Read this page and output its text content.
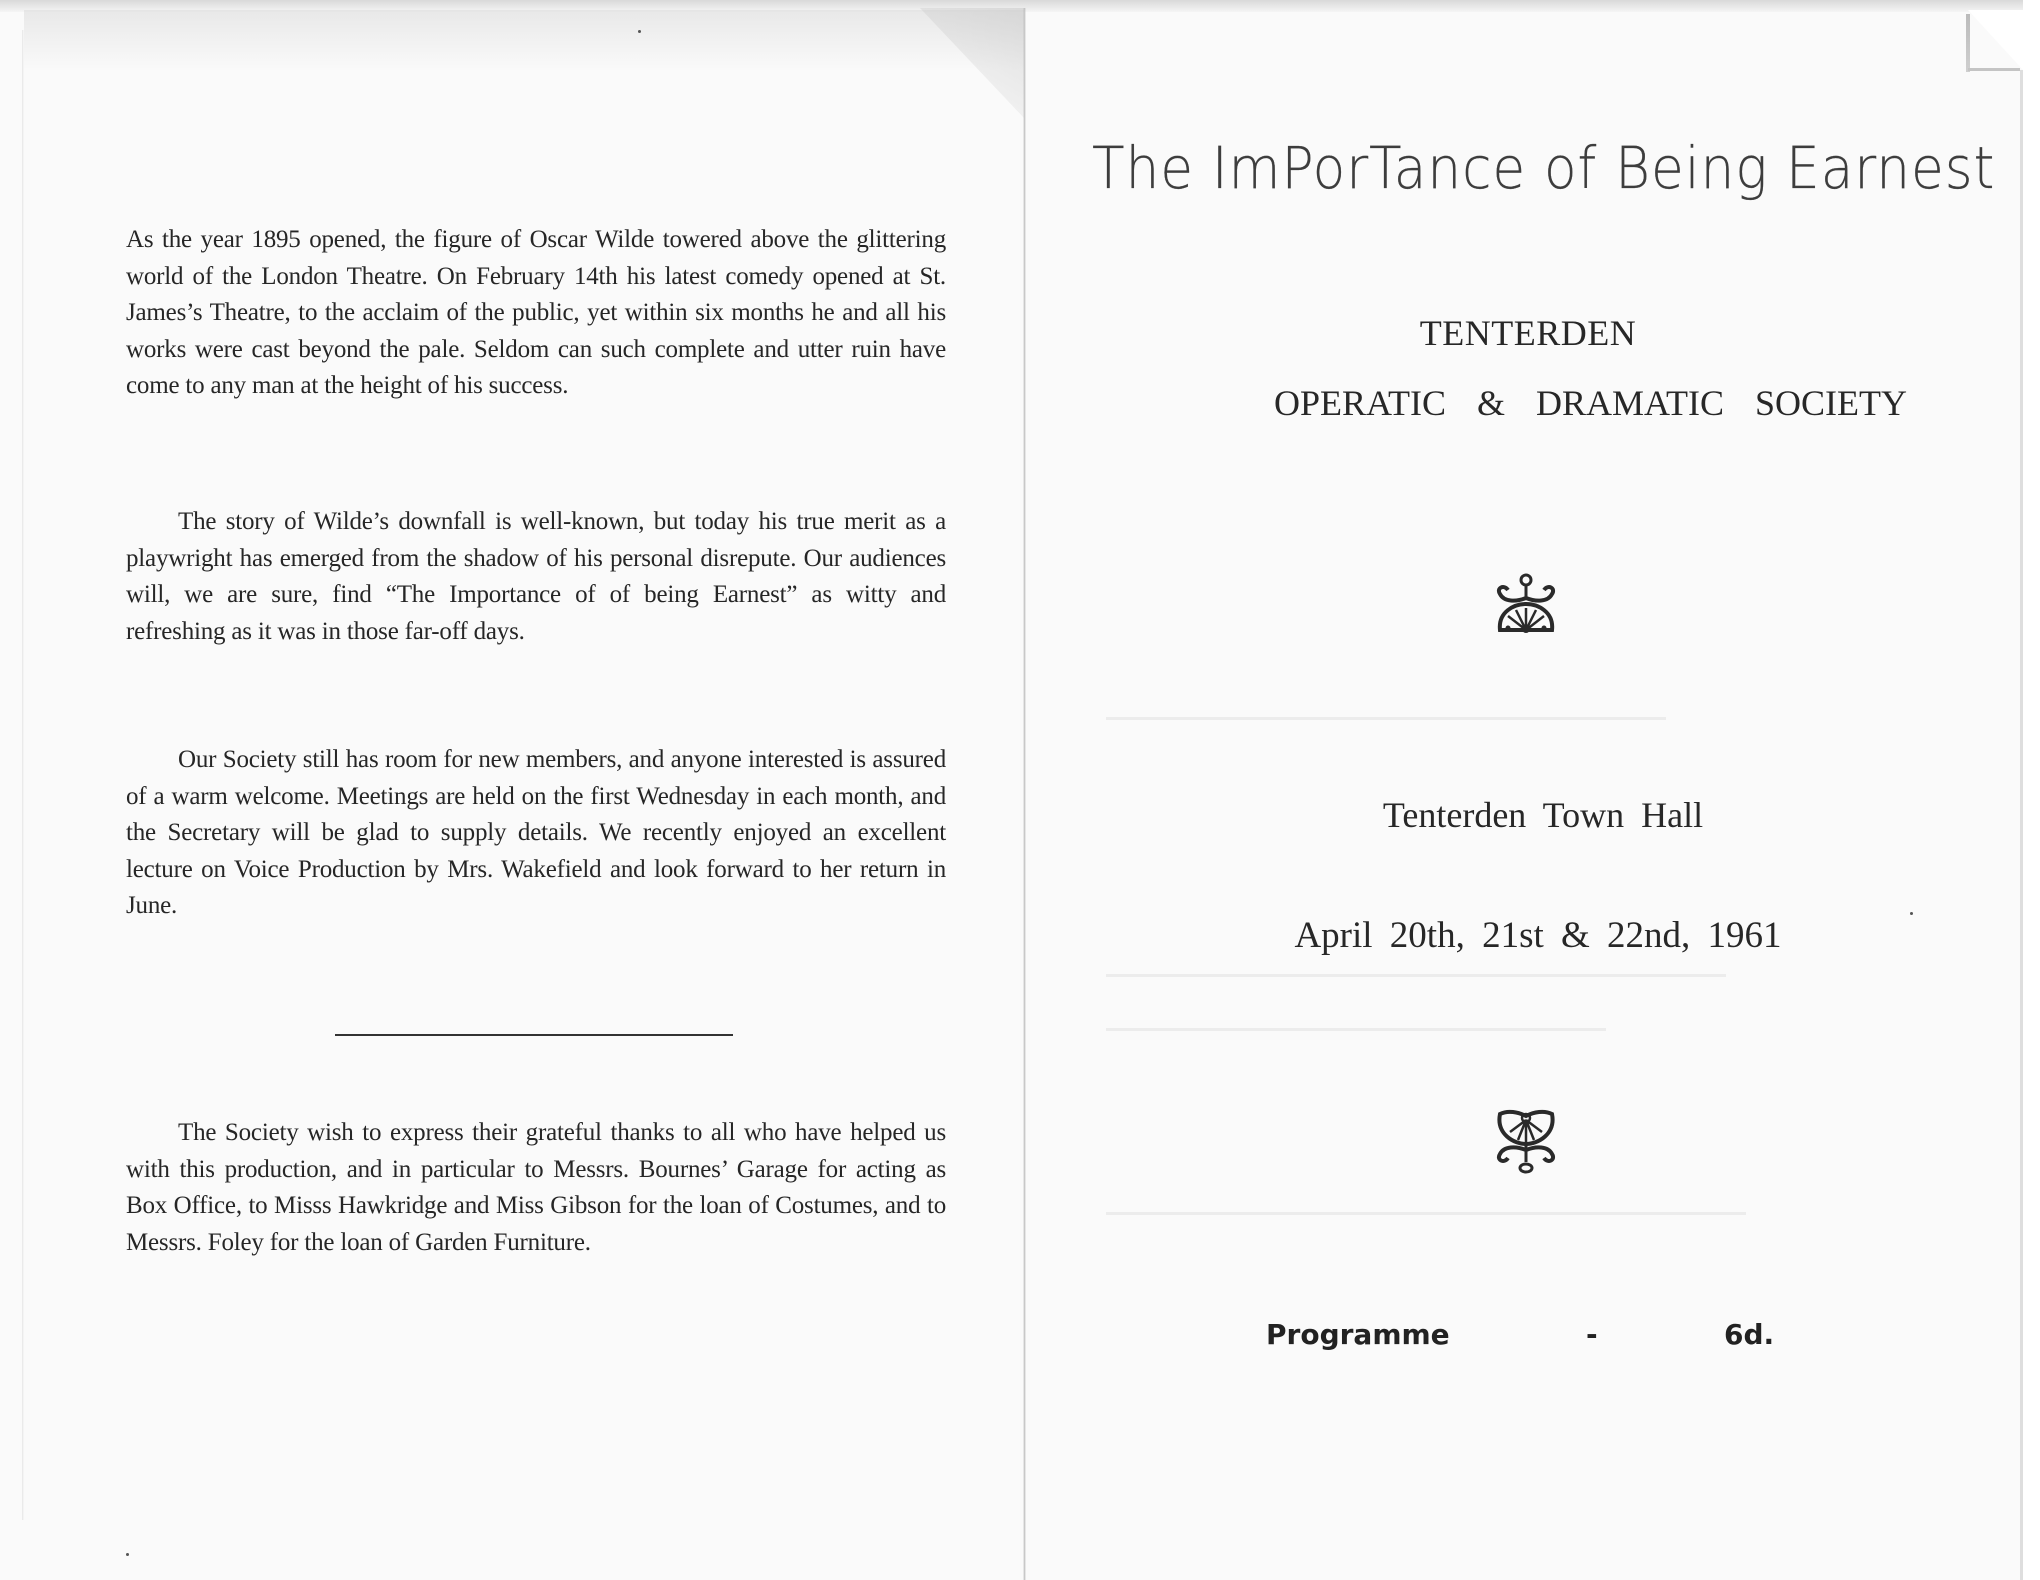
As the year 1895 opened, the figure of Oscar Wilde towered above the glittering world of the London Theatre. On February 14th his latest comedy opened at St. James’s Theatre, to the acclaim of the public, yet within six months he and all his works were cast beyond the pale. Seldom can such complete and utter ruin have come to any man at the height of his success.

The story of Wilde’s downfall is well-known, but today his true merit as a playwright has emerged from the shadow of his personal disrepute. Our audiences will, we are sure, find “The Importance of of being Earnest” as witty and refreshing as it was in those far-off days.

Our Society still has room for new members, and anyone interested is assured of a warm welcome. Meetings are held on the first Wednesday in each month, and the Secretary will be glad to supply details. We recently enjoyed an excellent lecture on Voice Production by Mrs. Wakefield and look forward to her return in June.

The Society wish to express their grateful thanks to all who have helped us with this production, and in particular to Messrs. Bournes’ Garage for acting as Box Office, to Misss Hawkridge and Miss Gibson for the loan of Costumes, and to Messrs. Foley for the loan of Garden Furniture.

The ImPorTance of Being Earnest
TENTERDEN
OPERATIC & DRAMATIC SOCIETY
Tenterden Town Hall
April 20th, 21st & 22nd, 1961
Programme	-	6d.
